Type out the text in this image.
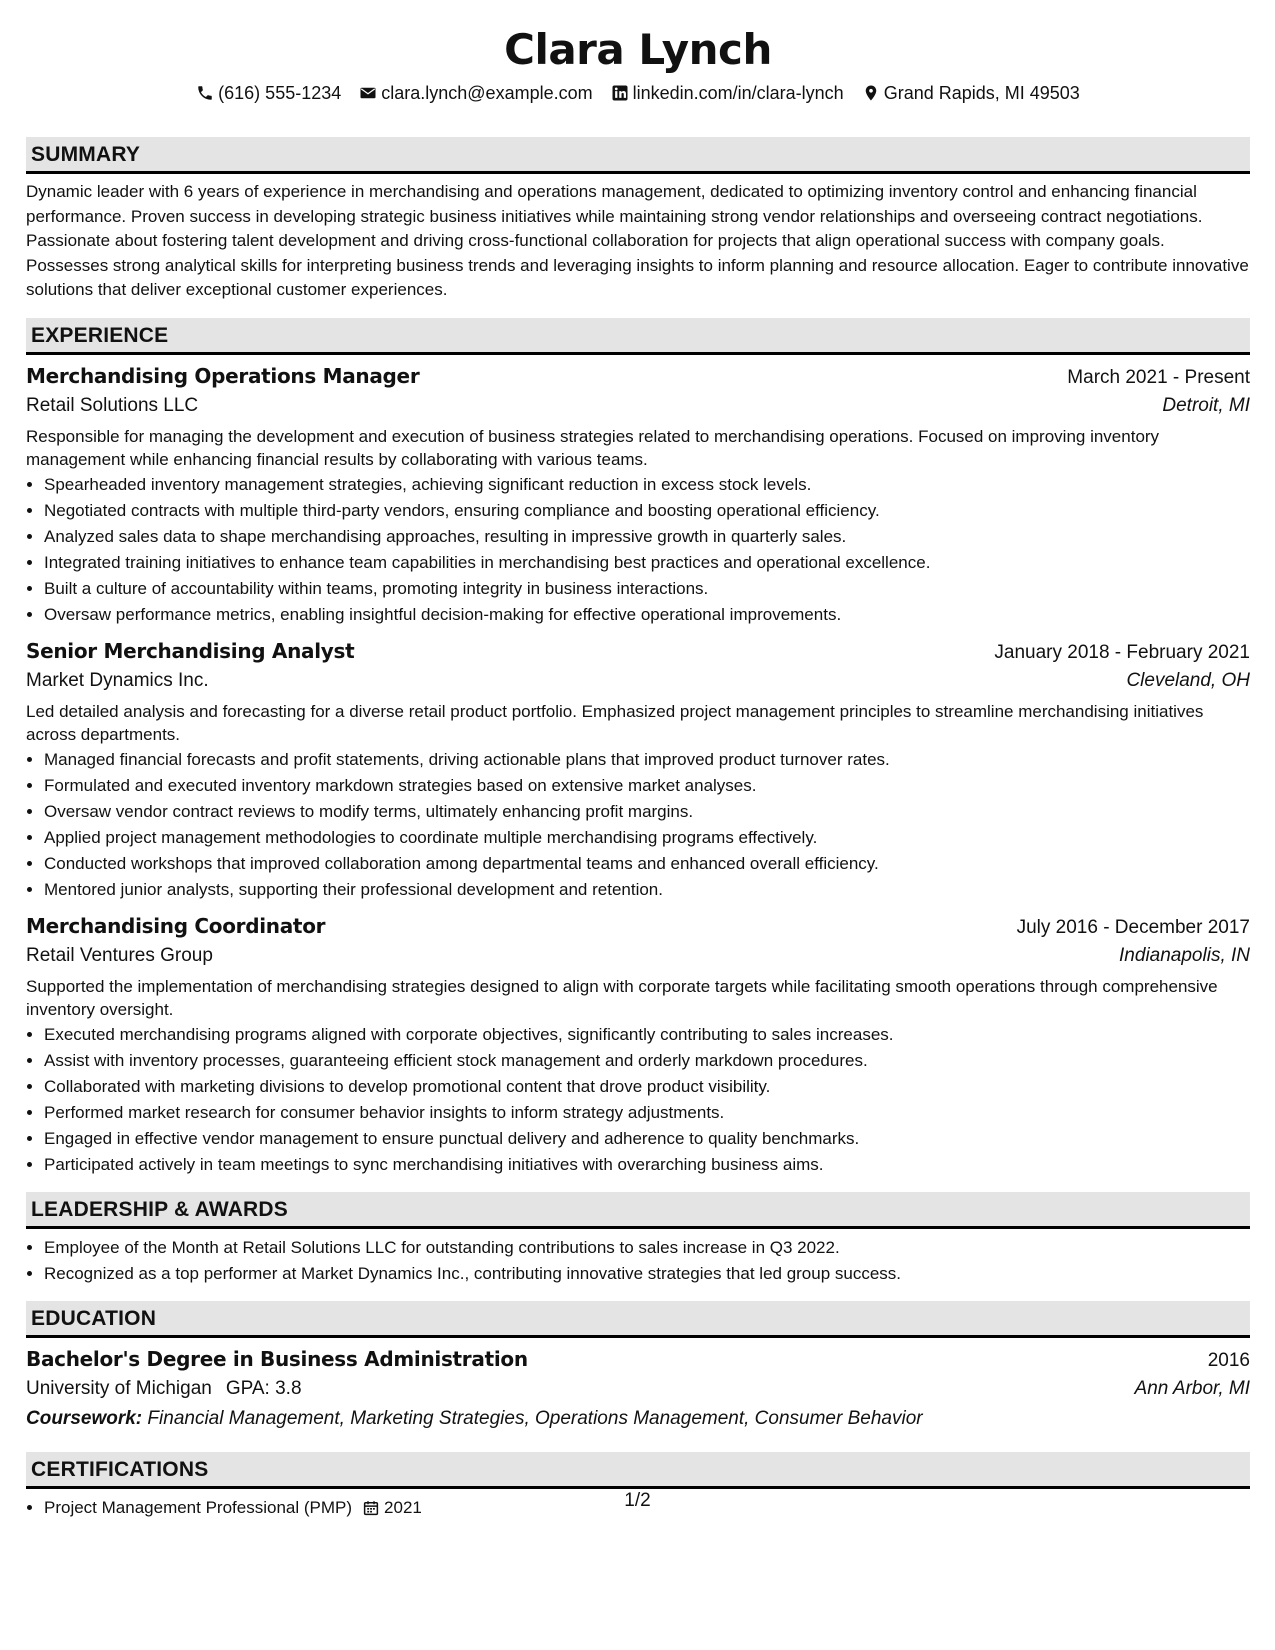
Clara Lynch
(616) 555-1234 clara.lynch@example.com linkedin.com/in/clara-lynch Grand Rapids, MI 49503
SUMMARY
Dynamic leader with 6 years of experience in merchandising and operations management, dedicated to optimizing inventory control and enhancing financial performance. Proven success in developing strategic business initiatives while maintaining strong vendor relationships and overseeing contract negotiations. Passionate about fostering talent development and driving cross-functional collaboration for projects that align operational success with company goals. Possesses strong analytical skills for interpreting business trends and leveraging insights to inform planning and resource allocation. Eager to contribute innovative solutions that deliver exceptional customer experiences.
EXPERIENCE
Merchandising Operations Manager	March 2021 - Present
Retail Solutions LLC	Detroit, MI
Responsible for managing the development and execution of business strategies related to merchandising operations. Focused on improving inventory management while enhancing financial results by collaborating with various teams.
• Spearheaded inventory management strategies, achieving significant reduction in excess stock levels.
• Negotiated contracts with multiple third-party vendors, ensuring compliance and boosting operational efficiency.
• Analyzed sales data to shape merchandising approaches, resulting in impressive growth in quarterly sales.
• Integrated training initiatives to enhance team capabilities in merchandising best practices and operational excellence.
• Built a culture of accountability within teams, promoting integrity in business interactions.
• Oversaw performance metrics, enabling insightful decision-making for effective operational improvements.
Senior Merchandising Analyst	January 2018 - February 2021
Market Dynamics Inc.	Cleveland, OH
Led detailed analysis and forecasting for a diverse retail product portfolio. Emphasized project management principles to streamline merchandising initiatives across departments.
• Managed financial forecasts and profit statements, driving actionable plans that improved product turnover rates.
• Formulated and executed inventory markdown strategies based on extensive market analyses.
• Oversaw vendor contract reviews to modify terms, ultimately enhancing profit margins.
• Applied project management methodologies to coordinate multiple merchandising programs effectively.
• Conducted workshops that improved collaboration among departmental teams and enhanced overall efficiency.
• Mentored junior analysts, supporting their professional development and retention.
Merchandising Coordinator	July 2016 - December 2017
Retail Ventures Group	Indianapolis, IN
Supported the implementation of merchandising strategies designed to align with corporate targets while facilitating smooth operations through comprehensive inventory oversight.
• Executed merchandising programs aligned with corporate objectives, significantly contributing to sales increases.
• Assist with inventory processes, guaranteeing efficient stock management and orderly markdown procedures.
• Collaborated with marketing divisions to develop promotional content that drove product visibility.
• Performed market research for consumer behavior insights to inform strategy adjustments.
• Engaged in effective vendor management to ensure punctual delivery and adherence to quality benchmarks.
• Participated actively in team meetings to sync merchandising initiatives with overarching business aims.
LEADERSHIP & AWARDS
• Employee of the Month at Retail Solutions LLC for outstanding contributions to sales increase in Q3 2022.
• Recognized as a top performer at Market Dynamics Inc., contributing innovative strategies that led group success.
EDUCATION
Bachelor's Degree in Business Administration	2016
University of Michigan GPA: 3.8	Ann Arbor, MI
Coursework: Financial Management, Marketing Strategies, Operations Management, Consumer Behavior
CERTIFICATIONS
• Project Management Professional (PMP) 2021	1/2
